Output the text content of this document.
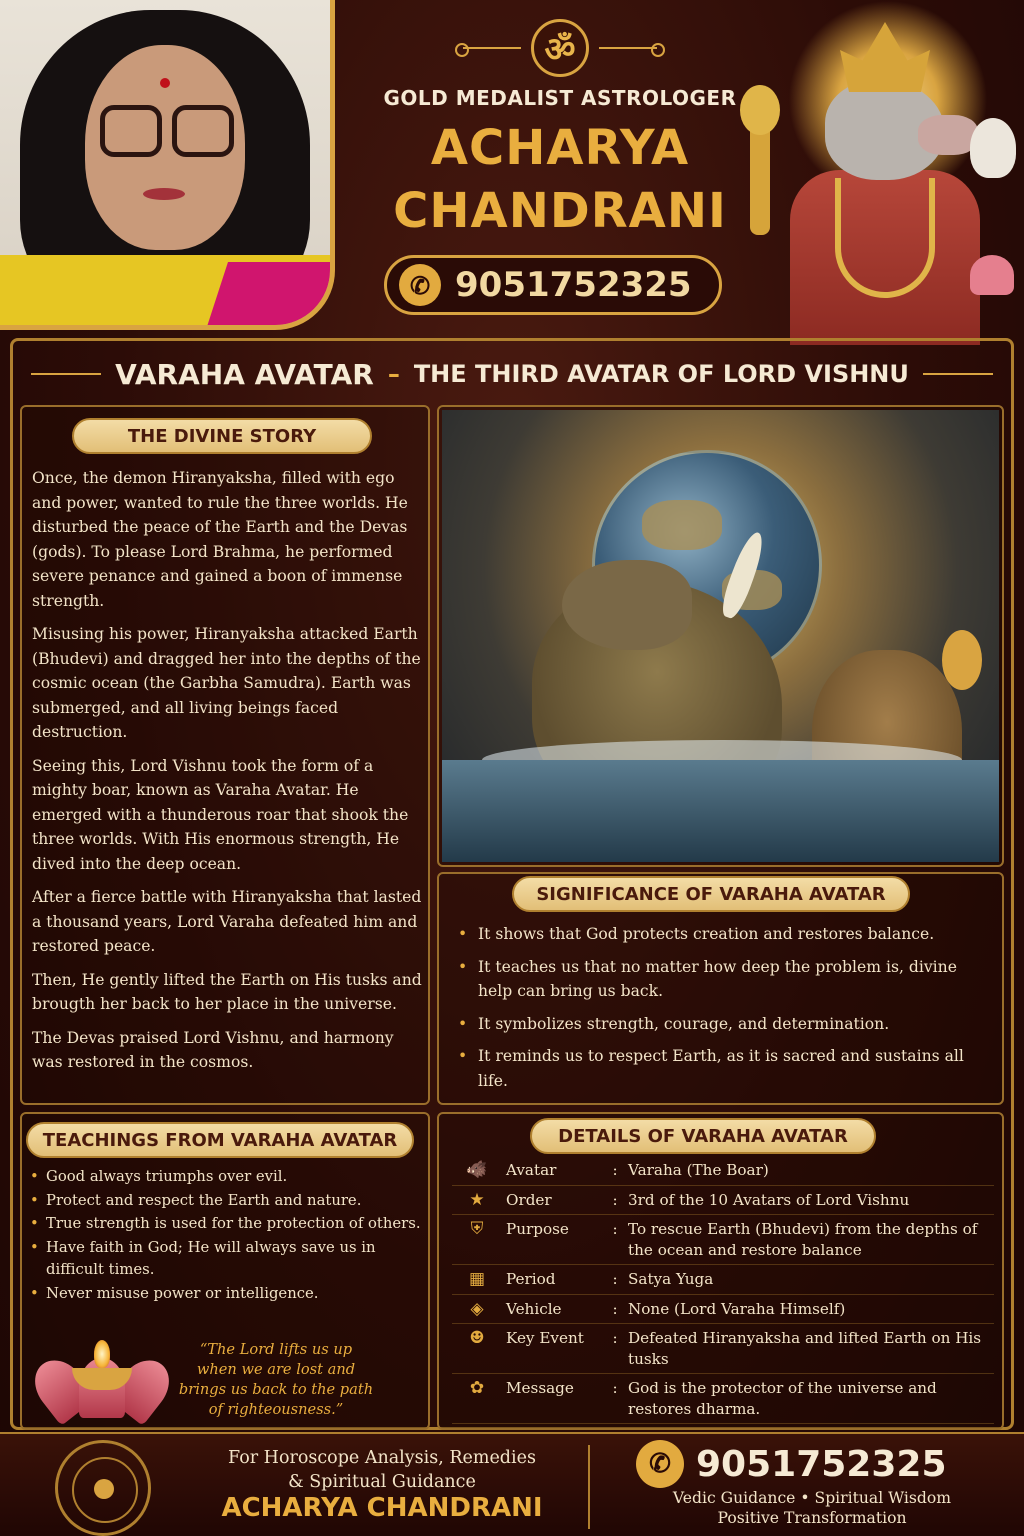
ॐ
GOLD MEDALIST ASTROLOGER
ACHARYA
CHANDRANI
✆ 9051752325
VARAHA AVATAR – THE THIRD AVATAR OF LORD VISHNU
THE DIVINE STORY

Once, the demon Hiranyaksha, filled with ego and power, wanted to rule the three worlds. He disturbed the peace of the Earth and the Devas (gods). To please Lord Brahma, he performed severe penance and gained a boon of immense strength.

Misusing his power, Hiranyaksha attacked Earth (Bhudevi) and dragged her into the depths of the cosmic ocean (the Garbha Samudra). Earth was submerged, and all living beings faced destruction.

Seeing this, Lord Vishnu took the form of a mighty boar, known as Varaha Avatar. He emerged with a thunderous roar that shook the three worlds. With His enormous strength, He dived into the deep ocean.

After a fierce battle with Hiranyaksha that lasted a thousand years, Lord Varaha defeated him and restored peace.

Then, He gently lifted the Earth on His tusks and brougth her back to her place in the universe.

The Devas praised Lord Vishnu, and harmony was restored in the cosmos.

SIGNIFICANCE OF VARAHA AVATAR
• It shows that God protects creation and restores balance.
• It teaches us that no matter how deep the problem is, divine help can bring us back.
• It symbolizes strength, courage, and determination.
• It reminds us to respect Earth, as it is sacred and sustains all life.
TEACHINGS FROM VARAHA AVATAR
• Good always triumphs over evil.
• Protect and respect the Earth and nature.
• True strength is used for the protection of others.
• Have faith in God; He will always save us in difficult times.
• Never misuse power or intelligence.
“The Lord lifts us up when we are lost and brings us back to the path of righteousness.”
DETAILS OF VARAHA AVATAR
🐗	Avatar	:	Varaha (The Boar)
★	Order	:	3rd of the 10 Avatars of Lord Vishnu
⛨	Purpose	:	To rescue Earth (Bhudevi) from the depths of the ocean and restore balance
▦	Period	:	Satya Yuga
◈	Vehicle	:	None (Lord Varaha Himself)
☻	Key Event	:	Defeated Hiranyaksha and lifted Earth on His tusks
✿	Message	:	God is the protector of the universe and restores dharma.
For Horoscope Analysis, Remedies
& Spiritual Guidance
ACHARYA CHANDRANI
✆ 9051752325
Vedic Guidance • Spiritual Wisdom
Positive Transformation
